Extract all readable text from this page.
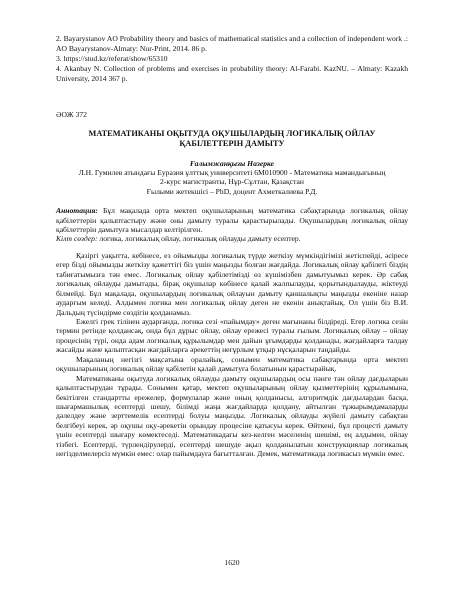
2. Bayarystanov AO Probability theory and basics of mathematical statistics and a collection of independent work .: AO Bayarystanov-Almaty: Nur-Print, 2014. 86 p.

3. https://stud.kz/referat/show/65310

4. Akanbay N. Collection of problems and exercises in probability theory: Al-Farabi. KazNU. – Almaty: Kazakh University, 2014 367 p.

ӘОЖ 372
МАТЕМАТИКАНЫ ОҚЫТУДА ОҚУШЫЛАРДЫҢ ЛОГИКАЛЫҚ ОЙЛАУ ҚАБІЛЕТТЕРІН ДАМЫТУ
Ғалымжанқызы Назерке
Л.Н. Гумилев атындағы Еуразия ұлттық университеті 6М010900 - Математика мамандығының
2-курс магистранты, Нұр-Сұлтан, Қазақстан
Ғылыми жетекшісі – PhD, доцент Ахметкалиева Р.Д.
Аннотация: Бұл мақалада орта мектеп оқушыларының математика сабақтарында логикалық ойлау қабілеттерін қалыптастыру және оны дамыту туралы қарастырылады. Оқушылардың логикалық ойлау қабілеттерін дамытуға мысалдар келтірілген.
Кілт сөздер: логика, логикалық ойлау, логикалық ойлауды дамыту есептер.

Қазіргі уақытта, кебінесе, ез ойымызды логикалық түрде жеткізу мүмкіндігімізі жетіспейді, әсіресе егер бізді ойымызды жеткізу қажеттігі біз үшін маңызды болған жағдайда. Логикалық ойлау қабілеті біздің табиғатымызға тән емес. Логикалық ойлау қабілетімізді өз күшімізбен дамытуымыз керек. Әр сабақ логикалық ойлауды дамытады, бірақ оқушылар көбінесе қалай жалпылауды, қорытындылауды, жіктеуді білмейді. Бұл мақалада, оқушылардың логикалық ойлауын дамыту қаншалықты маңызды екеніне назар аударғым келеді. Алдымен логика мен логикалық ойлау деген не екенін анықтайық. Ол үшін біз В.И. Дальдың түсіндірме сөздігін қолданамыз.

Ежелгі грек тілінен аударғанда, логика сезі «пайымдау» деген мағынаны білдіреді. Егер логика сезін термин ретінде қолдансақ, онда бұл дұрыс ойлау, ойлау ережесі туралы ғылым. Логикалық ойлау – ойлау процесінің түрі, онда адам логикалық құрылымдар мен дайын ұғымдарды қолданады, жағдайларға талдау жасайды және қалыптасқан жағдайларға әрекеттің неғұрлым ұтқыр нұсқаларын таңдайды.

Мақаланың негізгі мақсатына оралайық, сонымен математика сабақтарында орта мектеп оқушыларының логикалық ойлау қабілетін қалай дамытуға болатынын қарастырайық.

Математиканы оқытуда логикалық ойлауды дамыту оқушылардың осы пәнге тән ойлау дағдыларын қалыптастырудан тұрады. Сонымен қатар, мектеп оқушыларының ойлау қызметтерінің құрылымына, бекітілген стандартты ережелер, формулалар және оның қолданысы, алгоритмдік дағдылардан басқа, шығармашылық есептерді шешу, білімді жаңа жағдайларда қолдану, айтылған тұжырымдамаларды дәлелдеу және зерттемелік есептерді болуы маңызды. Логикалық ойлауды жүйелі дамыту сабақтан белгібеуі керек, әр оқушы оқу-әрекетін орындау процесіне қатысуы керек. Өйткені, бұл процесті дамыту үшін есептерді шығару көмектеседі. Математикадағы кез-келген мәселенің шешімі, ең алдымен, ойлау тізбегі. Есептерді, түрлендірулерді, есептерді шешуде ақыл қолданылатын конструкциялар логикалық негізделмелерсіз мүмкін емес: олар пайымдауға бағытталған. Демек, математикада логикасыз мүмкін емес.

1620
